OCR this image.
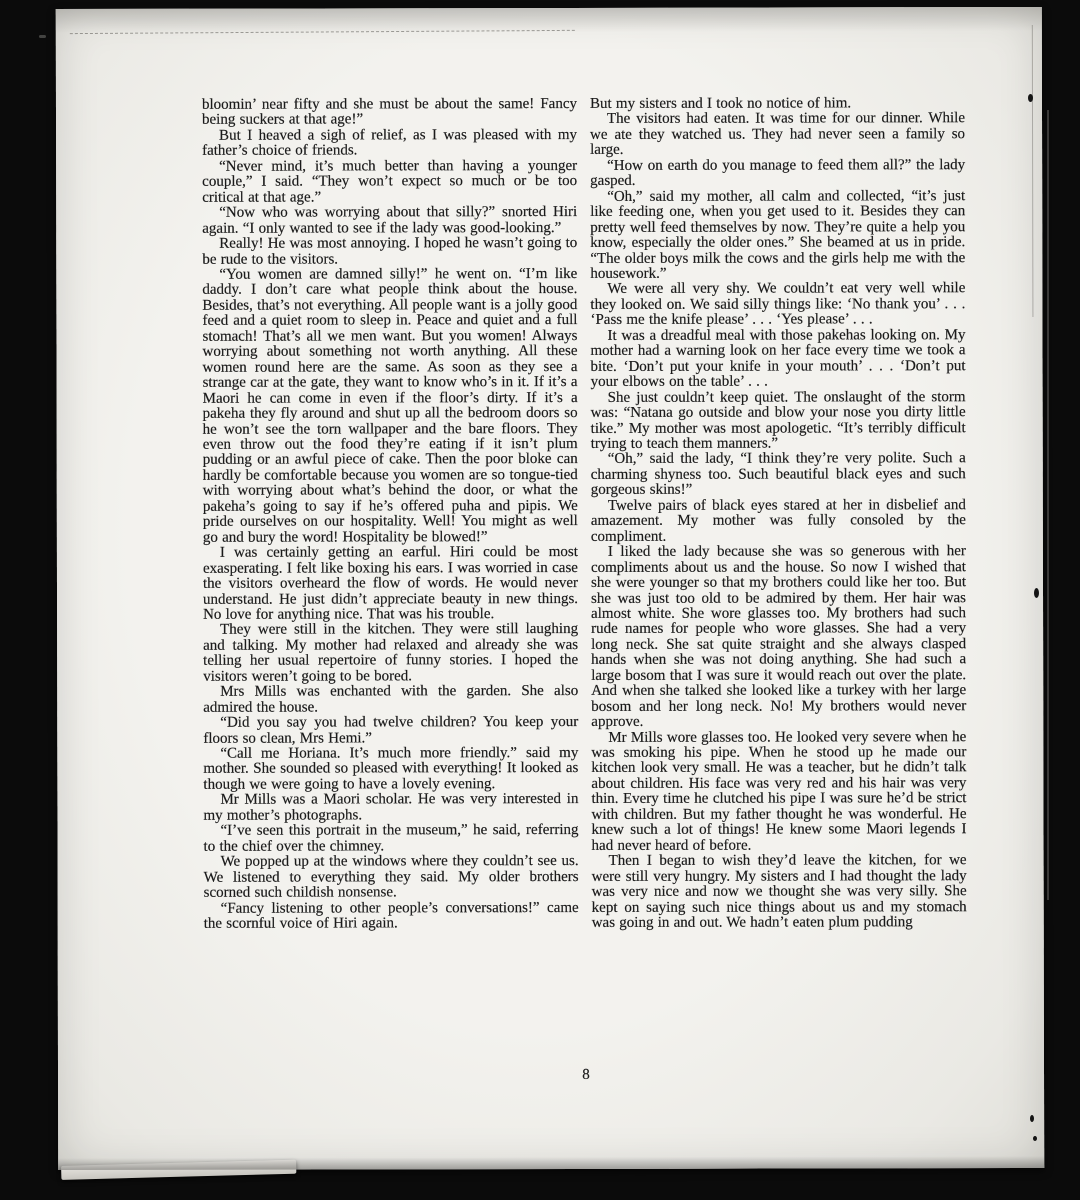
bloomin’ near fifty and she must be about the same! Fancy being suckers at that age!”

But I heaved a sigh of relief, as I was pleased with my father’s choice of friends.

“Never mind, it’s much better than having a younger couple,” I said. “They won’t expect so much or be too critical at that age.”

“Now who was worrying about that silly?” snorted Hiri again. “I only wanted to see if the lady was good-looking.”

Really! He was most annoying. I hoped he wasn’t going to be rude to the visitors.

“You women are damned silly!” he went on. “I’m like daddy. I don’t care what people think about the house. Besides, that’s not everything. All people want is a jolly good feed and a quiet room to sleep in. Peace and quiet and a full stomach! That’s all we men want. But you women! Always worrying about something not worth anything. All these women round here are the same. As soon as they see a strange car at the gate, they want to know who’s in it. If it’s a Maori he can come in even if the floor’s dirty. If it’s a pakeha they fly around and shut up all the bedroom doors so he won’t see the torn wallpaper and the bare floors. They even throw out the food they’re eating if it isn’t plum pudding or an awful piece of cake. Then the poor bloke can hardly be comfortable because you women are so tongue-tied with worrying about what’s behind the door, or what the pakeha’s going to say if he’s offered puha and pipis. We pride ourselves on our hospitality. Well! You might as well go and bury the word! Hospitality be blowed!”

I was certainly getting an earful. Hiri could be most exasperating. I felt like boxing his ears. I was worried in case the visitors overheard the flow of words. He would never understand. He just didn’t appreciate beauty in new things. No love for anything nice. That was his trouble.

They were still in the kitchen. They were still laughing and talking. My mother had relaxed and already she was telling her usual repertoire of funny stories. I hoped the visitors weren’t going to be bored.

Mrs Mills was enchanted with the garden. She also admired the house.

“Did you say you had twelve children? You keep your floors so clean, Mrs Hemi.”

“Call me Horiana. It’s much more friendly.” said my mother. She sounded so pleased with everything! It looked as though we were going to have a lovely evening.

Mr Mills was a Maori scholar. He was very interested in my mother’s photographs.

“I’ve seen this portrait in the museum,” he said, referring to the chief over the chimney.

We popped up at the windows where they couldn’t see us. We listened to everything they said. My older brothers scorned such childish nonsense.

“Fancy listening to other people’s conversations!” came the scornful voice of Hiri again.

But my sisters and I took no notice of him.

The visitors had eaten. It was time for our dinner. While we ate they watched us. They had never seen a family so large.

“How on earth do you manage to feed them all?” the lady gasped.

“Oh,” said my mother, all calm and collected, “it’s just like feeding one, when you get used to it. Besides they can pretty well feed themselves by now. They’re quite a help you know, especially the older ones.” She beamed at us in pride. “The older boys milk the cows and the girls help me with the housework.”

We were all very shy. We couldn’t eat very well while they looked on. We said silly things like: ‘No thank you’ . . . ‘Pass me the knife please’ . . . ‘Yes please’ . . .

It was a dreadful meal with those pakehas looking on. My mother had a warning look on her face every time we took a bite. ‘Don’t put your knife in your mouth’ . . . ‘Don’t put your elbows on the table’ . . .

She just couldn’t keep quiet. The onslaught of the storm was: “Natana go outside and blow your nose you dirty little tike.” My mother was most apologetic. “It’s terribly difficult trying to teach them manners.”

“Oh,” said the lady, “I think they’re very polite. Such a charming shyness too. Such beautiful black eyes and such gorgeous skins!”

Twelve pairs of black eyes stared at her in disbelief and amazement. My mother was fully consoled by the compliment.

I liked the lady because she was so generous with her compliments about us and the house. So now I wished that she were younger so that my brothers could like her too. But she was just too old to be admired by them. Her hair was almost white. She wore glasses too. My brothers had such rude names for people who wore glasses. She had a very long neck. She sat quite straight and she always clasped hands when she was not doing anything. She had such a large bosom that I was sure it would reach out over the plate. And when she talked she looked like a turkey with her large bosom and her long neck. No! My brothers would never approve.

Mr Mills wore glasses too. He looked very severe when he was smoking his pipe. When he stood up he made our kitchen look very small. He was a teacher, but he didn’t talk about children. His face was very red and his hair was very thin. Every time he clutched his pipe I was sure he’d be strict with children. But my father thought he was wonderful. He knew such a lot of things! He knew some Maori legends I had never heard of before.

Then I began to wish they’d leave the kitchen, for we were still very hungry. My sisters and I had thought the lady was very nice and now we thought she was very silly. She kept on saying such nice things about us and my stomach was going in and out. We hadn’t eaten plum pudding

8
